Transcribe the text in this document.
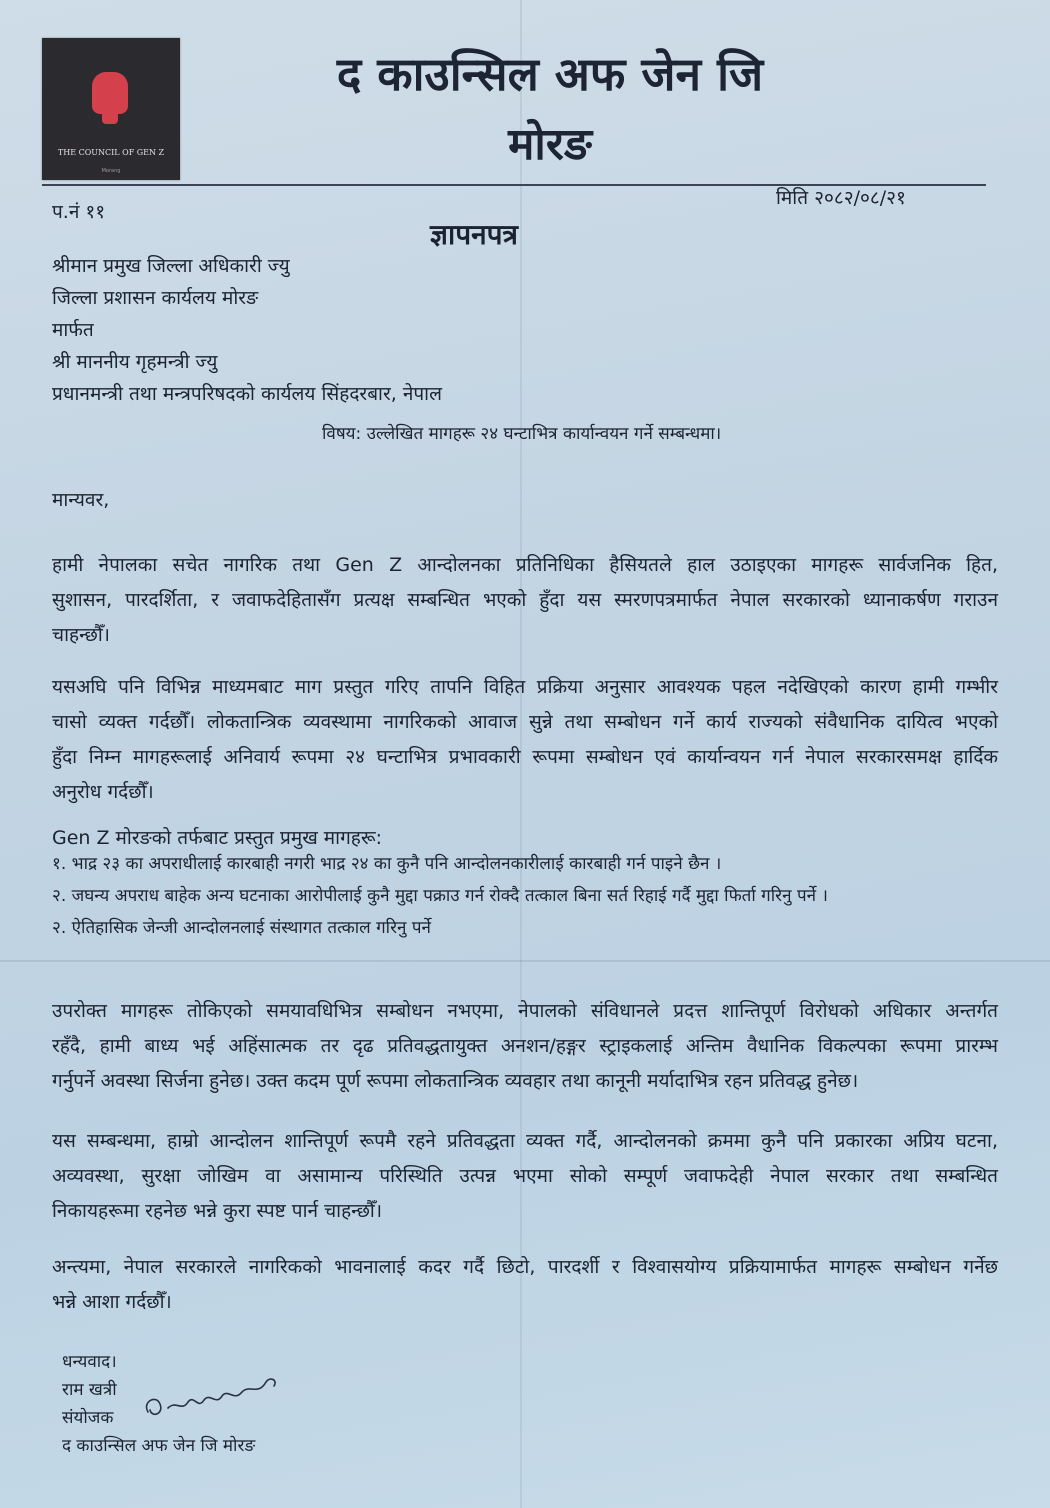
THE COUNCIL OF GEN Z
Morang
द काउन्सिल अफ जेन जि
मोरङ
प.नं ११
मिति २०८२/०८/२१
ज्ञापनपत्र
श्रीमान प्रमुख जिल्ला अधिकारी ज्यु
जिल्ला प्रशासन कार्यलय मोरङ
मार्फत
श्री माननीय गृहमन्त्री ज्यु
प्रधानमन्त्री तथा मन्त्रपरिषदको कार्यलय सिंहदरबार, नेपाल
विषय: उल्लेखित मागहरू २४ घन्टाभित्र कार्यान्वयन गर्ने सम्बन्धमा।
मान्यवर,
हामी नेपालका सचेत नागरिक तथा Gen Z आन्दोलनका प्रतिनिधिका हैसियतले हाल उठाइएका मागहरू सार्वजनिक हित,
सुशासन, पारदर्शिता, र जवाफदेहितासँग प्रत्यक्ष सम्बन्धित भएको हुँदा यस स्मरणपत्रमार्फत नेपाल सरकारको ध्यानाकर्षण गराउन
चाहन्छौँ।
यसअघि पनि विभिन्न माध्यमबाट माग प्रस्तुत गरिए तापनि विहित प्रक्रिया अनुसार आवश्यक पहल नदेखिएको कारण हामी गम्भीर
चासो व्यक्त गर्दछौँ। लोकतान्त्रिक व्यवस्थामा नागरिकको आवाज सुन्ने तथा सम्बोधन गर्ने कार्य राज्यको संवैधानिक दायित्व भएको
हुँदा निम्न मागहरूलाई अनिवार्य रूपमा २४ घन्टाभित्र प्रभावकारी रूपमा सम्बोधन एवं कार्यान्वयन गर्न नेपाल सरकारसमक्ष हार्दिक
अनुरोध गर्दछौँ।
Gen Z मोरङको तर्फबाट प्रस्तुत प्रमुख मागहरू:
१. भाद्र २३ का अपराधीलाई कारबाही नगरी भाद्र २४ का कुनै पनि आन्दोलनकारीलाई कारबाही गर्न पाइने छैन ।
२. जघन्य अपराध बाहेक अन्य घटनाका आरोपीलाई कुनै मुद्दा पक्राउ गर्न रोक्दै तत्काल बिना सर्त रिहाई गर्दै मुद्दा फिर्ता गरिनु पर्ने ।
२. ऐतिहासिक जेन्जी आन्दोलनलाई संस्थागत तत्काल गरिनु पर्ने
उपरोक्त मागहरू तोकिएको समयावधिभित्र सम्बोधन नभएमा, नेपालको संविधानले प्रदत्त शान्तिपूर्ण विरोधको अधिकार अन्तर्गत
रहँदै, हामी बाध्य भई अहिंसात्मक तर दृढ प्रतिवद्धतायुक्त अनशन/हङ्गर स्ट्राइकलाई अन्तिम वैधानिक विकल्पका रूपमा प्रारम्भ
गर्नुपर्ने अवस्था सिर्जना हुनेछ। उक्त कदम पूर्ण रूपमा लोकतान्त्रिक व्यवहार तथा कानूनी मर्यादाभित्र रहन प्रतिवद्ध हुनेछ।
यस सम्बन्धमा, हाम्रो आन्दोलन शान्तिपूर्ण रूपमै रहने प्रतिवद्धता व्यक्त गर्दै, आन्दोलनको क्रममा कुनै पनि प्रकारका अप्रिय घटना,
अव्यवस्था, सुरक्षा जोखिम वा असामान्य परिस्थिति उत्पन्न भएमा सोको सम्पूर्ण जवाफदेही नेपाल सरकार तथा सम्बन्धित
निकायहरूमा रहनेछ भन्ने कुरा स्पष्ट पार्न चाहन्छौँ।
अन्त्यमा, नेपाल सरकारले नागरिकको भावनालाई कदर गर्दै छिटो, पारदर्शी र विश्वासयोग्य प्रक्रियामार्फत मागहरू सम्बोधन गर्नेछ
भन्ने आशा गर्दछौँ।
धन्यवाद।
राम खत्री
संयोजक
द काउन्सिल अफ जेन जि मोरङ
